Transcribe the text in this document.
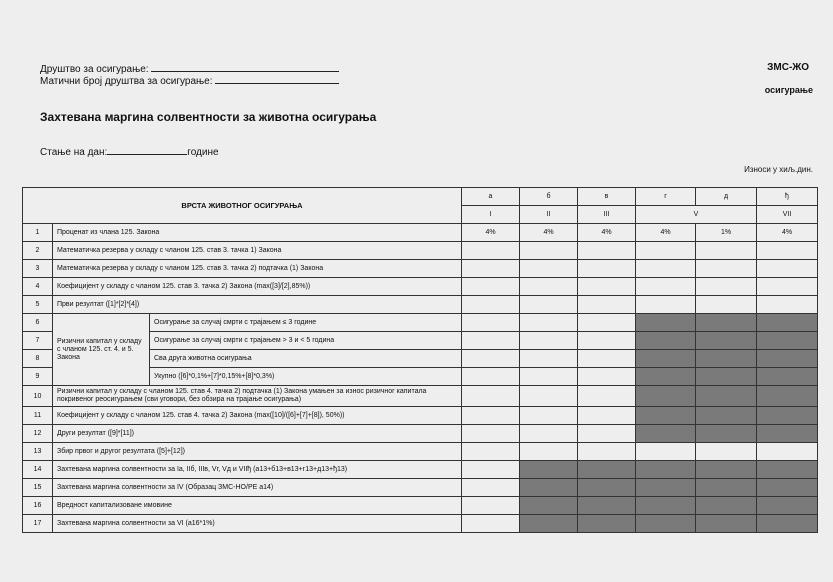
Друштво за осигурање:
Матични број друштва за осигурање:
ЗМС-ЖО
осигурање
Захтевана маргина солвентности за животна осигурања
Стање на дан:	године
Износи у хиљ.дин.
ВРСТА ЖИВОТНОГ ОСИГУРАЊА			а	б	в	г	д	ђ
			I	II	III	V		VII
1	Проценат из члана 125. Закона		4%	4%	4%	4%	1%	4%
2	Математичка резерва у складу с чланом 125. став 3. тачка 1) Закона							
3	Математичка резерва у складу с чланом 125. став 3. тачка 2) подтачка (1) Закона							
4	Коефицијент у складу с чланом 125. став 3. тачка 2) Закона (max([3]/[2],85%))							
5	Први резултат ([1]*[2]*[4])							
6	Ризични капитал у складу с чланом 125. ст. 4. и 5. Закона	Осигурање за случај смрти с трајањем ≤ 3 године						
7		Осигурање за случај смрти с трајањем > 3 и < 5 година						
8		Сва друга животна осигурања						
9		Укупно ([6]*0,1%+[7]*0,15%+[8]*0,3%)						
10	Ризични капитал у складу с чланом 125. став 4. тачка 2) подтачка (1) Закона умањен за износ ризичног капитала покривеног реосигурањем (сви уговори, без обзира на трајање осигурања)							
11	Коефицијент у складу с чланом 125. став 4. тачка 2) Закона (max([10]/([6]+[7]+[8]), 50%))							
12	Други резултат ([9]*[11])							
13	Збир првог и другог резултата ([5]+[12])							
14	Захтевана маргина солвентности за Iа, IIб, IIIв, Vг, Vд и VIIђ (а13+б13+в13+г13+д13+ђ13)							
15	Захтевана маргина солвентности за IV (Образац ЗМС-НО/РЕ а14)							
16	Вредност капитализоване имовине							
17	Захтевана маргина солвентности за VI (а16*1%)							
